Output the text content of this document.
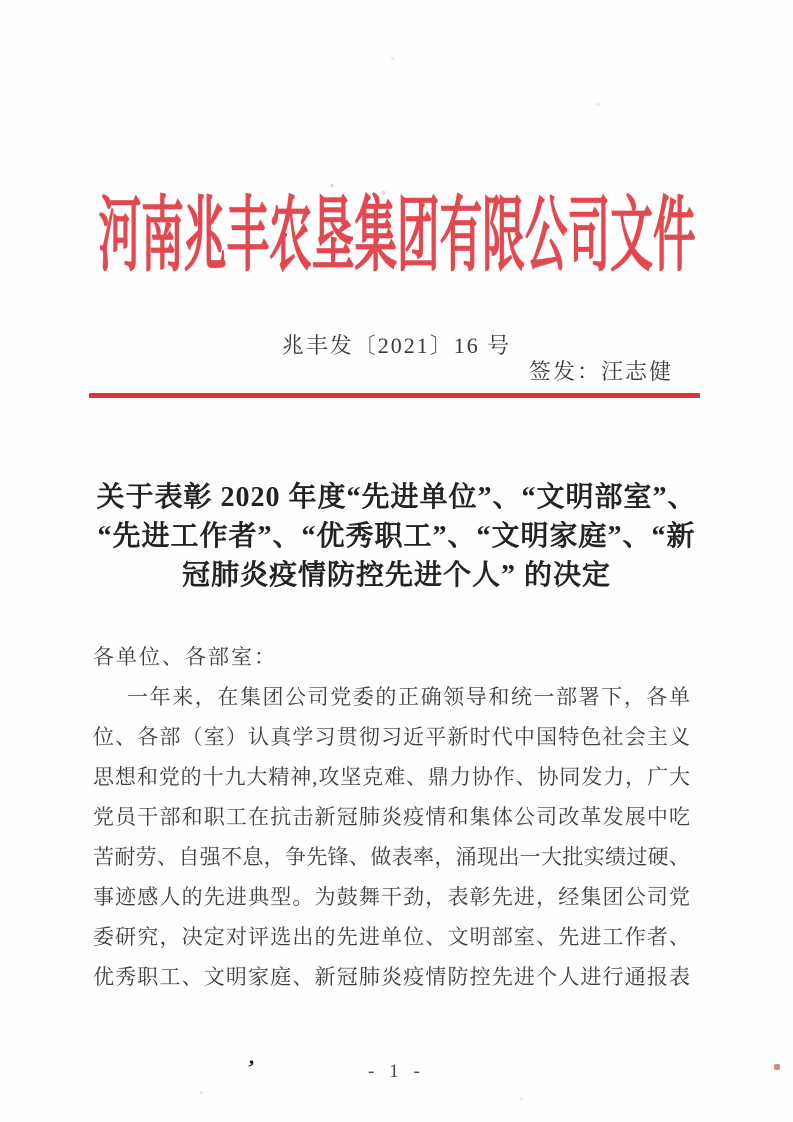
河南兆丰农垦集团有限公司文件
兆丰发〔2021〕16 号
签发：汪志健
关于表彰 2020 年度“先进单位”、“文明部室”、
“先进工作者”、“优秀职工”、“文明家庭”、“新
冠肺炎疫情防控先进个人” 的决定
各单位、各部室：
一年来，在集团公司党委的正确领导和统一部署下，各单
位、各部（室）认真学习贯彻习近平新时代中国特色社会主义
思想和党的十九大精神,攻坚克难、鼎力协作、协同发力，广大
党员干部和职工在抗击新冠肺炎疫情和集体公司改革发展中吃
苦耐劳、自强不息，争先锋、做表率，涌现出一大批实绩过硬、
事迹感人的先进典型。为鼓舞干劲，表彰先进，经集团公司党
委研究，决定对评选出的先进单位、文明部室、先进工作者、
优秀职工、文明家庭、新冠肺炎疫情防控先进个人进行通报表
’	- 1 -
